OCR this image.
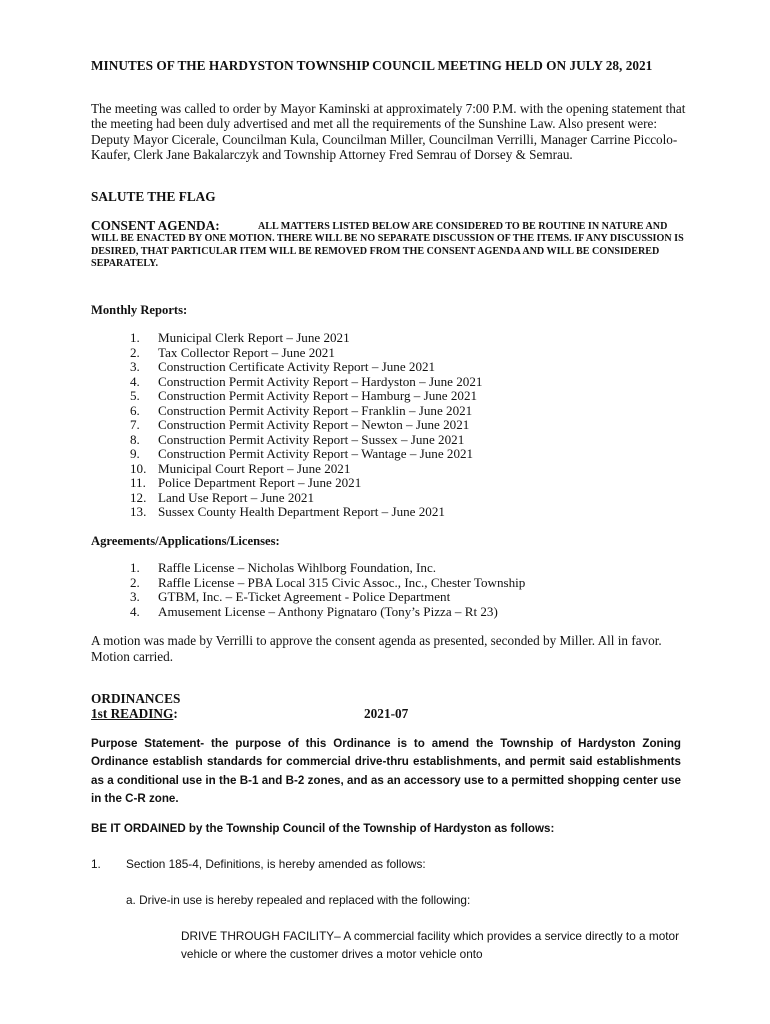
MINUTES OF THE HARDYSTON TOWNSHIP COUNCIL MEETING HELD ON JULY 28, 2021
The meeting was called to order by Mayor Kaminski at approximately 7:00 P.M. with the opening statement that the meeting had been duly advertised and met all the requirements of the Sunshine Law. Also present were: Deputy Mayor Cicerale, Councilman Kula, Councilman Miller, Councilman Verrilli, Manager Carrine Piccolo-Kaufer, Clerk Jane Bakalarczyk and Township Attorney Fred Semrau of Dorsey & Semrau.
SALUTE THE FLAG
CONSENT AGENDA:	ALL MATTERS LISTED BELOW ARE CONSIDERED TO BE ROUTINE IN NATURE AND WILL BE ENACTED BY ONE MOTION. THERE WILL BE NO SEPARATE DISCUSSION OF THE ITEMS. IF ANY DISCUSSION IS DESIRED, THAT PARTICULAR ITEM WILL BE REMOVED FROM THE CONSENT AGENDA AND WILL BE CONSIDERED SEPARATELY.
Monthly Reports:
1.	Municipal Clerk Report – June 2021
2.	Tax Collector Report – June 2021
3.	Construction Certificate Activity Report – June 2021
4.	Construction Permit Activity Report – Hardyston – June 2021
5.	Construction Permit Activity Report – Hamburg – June 2021
6.	Construction Permit Activity Report – Franklin – June 2021
7.	Construction Permit Activity Report – Newton – June 2021
8.	Construction Permit Activity Report – Sussex – June 2021
9.	Construction Permit Activity Report – Wantage – June 2021
10. Municipal Court Report – June 2021
11. Police Department Report – June 2021
12. Land Use Report – June 2021
13. Sussex County Health Department Report – June 2021
Agreements/Applications/Licenses:
1.	Raffle License – Nicholas Wihlborg Foundation, Inc.
2.	Raffle License – PBA Local 315 Civic Assoc., Inc., Chester Township
3.	GTBM, Inc. – E-Ticket Agreement - Police Department
4.	Amusement License – Anthony Pignataro (Tony’s Pizza – Rt 23)
A motion was made by Verrilli to approve the consent agenda as presented, seconded by Miller. All in favor. Motion carried.
ORDINANCES
1st READING:	2021-07
Purpose Statement- the purpose of this Ordinance is to amend the Township of Hardyston Zoning Ordinance establish standards for commercial drive-thru establishments, and permit said establishments as a conditional use in the B-1 and B-2 zones, and as an accessory use to a permitted shopping center use in the C-R zone.
BE IT ORDAINED by the Township Council of the Township of Hardyston as follows:
1. Section 185-4, Definitions, is hereby amended as follows:
a. Drive-in use is hereby repealed and replaced with the following:
DRIVE THROUGH FACILITY– A commercial facility which provides a service directly to a motor vehicle or where the customer drives a motor vehicle onto
